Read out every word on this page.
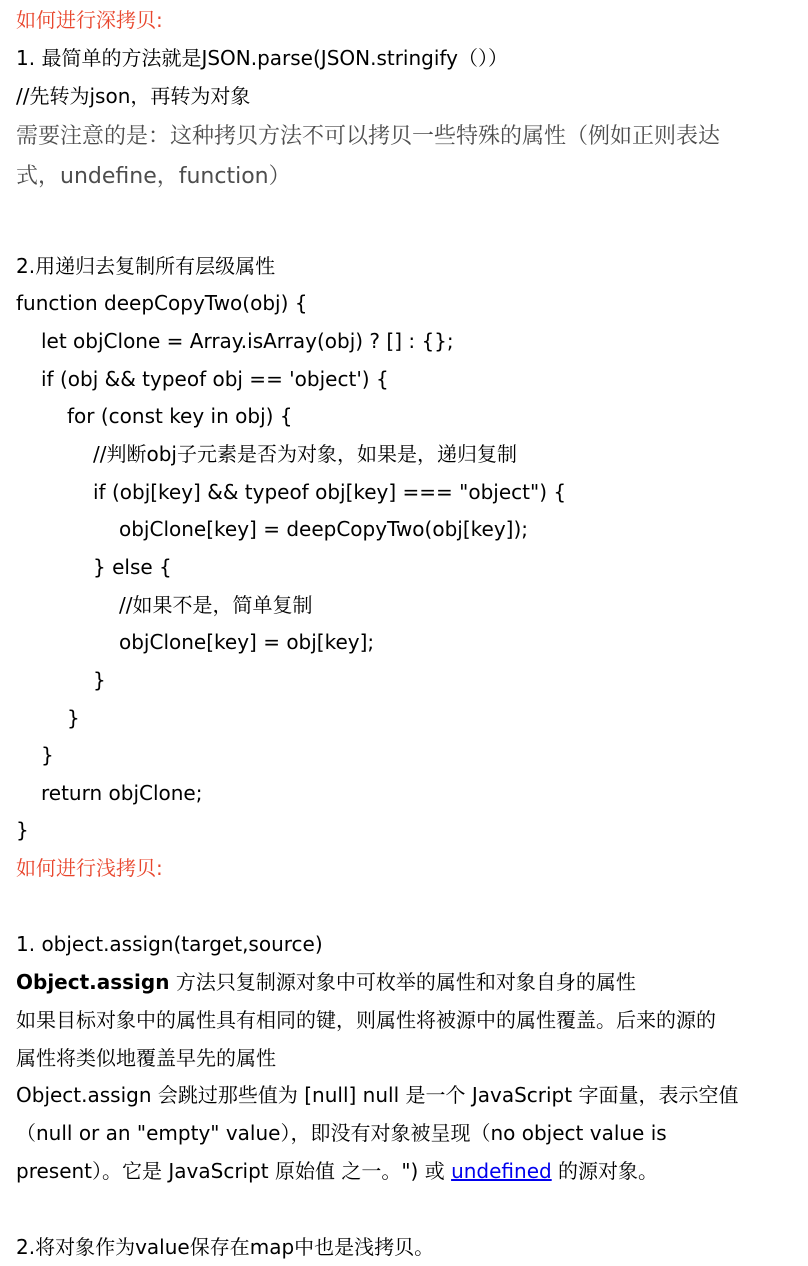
如何进行深拷贝:

1. 最简单的方法就是JSON.parse(JSON.stringify（））

//先转为json，再转为对象

需要注意的是：这种拷贝方法不可以拷贝一些特殊的属性（例如正则表达

式，undefine，function）

2.用递归去复制所有层级属性

function deepCopyTwo(obj) {

let objClone = Array.isArray(obj) ? [] : {};

if (obj && typeof obj == 'object') {

for (const key in obj) {

//判断obj子元素是否为对象，如果是，递归复制

if (obj[key] && typeof obj[key] === "object") {

objClone[key] = deepCopyTwo(obj[key]);

} else {

//如果不是，简单复制

objClone[key] = obj[key];

}

}

}

return objClone;

}

如何进行浅拷贝:

1. object.assign(target,source)

Object.assign 方法只复制源对象中可枚举的属性和对象自身的属性

如果目标对象中的属性具有相同的键，则属性将被源中的属性覆盖。后来的源的

属性将类似地覆盖早先的属性

Object.assign 会跳过那些值为 [null] null 是一个 JavaScript 字面量，表示空值

（null or an "empty" value），即没有对象被呈现（no object value is

present）。它是 JavaScript 原始值 之一。") 或 undefined 的源对象。

2.将对象作为value保存在map中也是浅拷贝。
